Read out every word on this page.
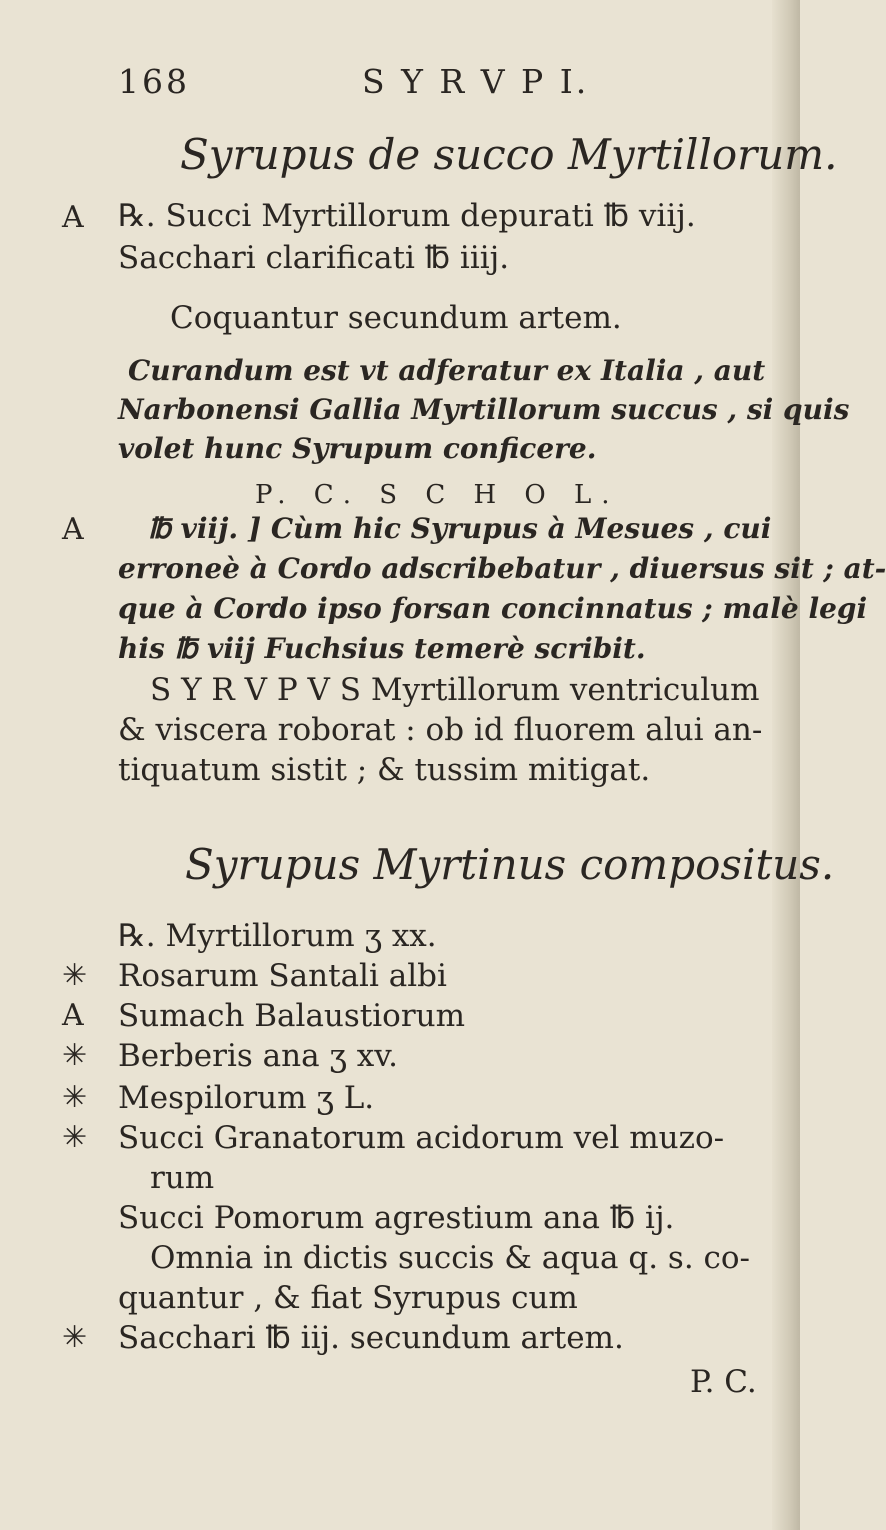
168	S Y R V P I.
Syrupus de succo Myrtillorum.
A ℞. Succi Myrtillorum depurati ℔ viij.
Sacchari clarificati ℔ iiij.
Coquantur secundum artem.
Curandum est vt adferatur ex Italia , aut
Narbonensi Gallia Myrtillorum succus , si quis
volet hunc Syrupum conficere.
P. C. S C H O L.
A ℔ viij. ] Cùm hic Syrupus à Mesues , cui
erroneè à Cordo adscribebatur , diuersus sit ; at-
que à Cordo ipso forsan concinnatus ; malè legi
his ℔ viij Fuchsius temerè scribit.
S Y R V P V S Myrtillorum ventriculum
& viscera roborat : ob id fluorem alui an-
tiquatum sistit ; & tussim mitigat.
Syrupus Myrtinus compositus.
℞. Myrtillorum ʒ xx.
✳ Rosarum Santali albi
A Sumach Balaustiorum
✳ Berberis ana ʒ xv.
✳ Mespilorum ʒ L.
✳ Succi Granatorum acidorum vel muzo-
rum
Succi Pomorum agrestium ana ℔ ij.
Omnia in dictis succis & aqua q. s. co-
quantur , & fiat Syrupus cum
✳ Sacchari ℔ iij. secundum artem.
P. C.
